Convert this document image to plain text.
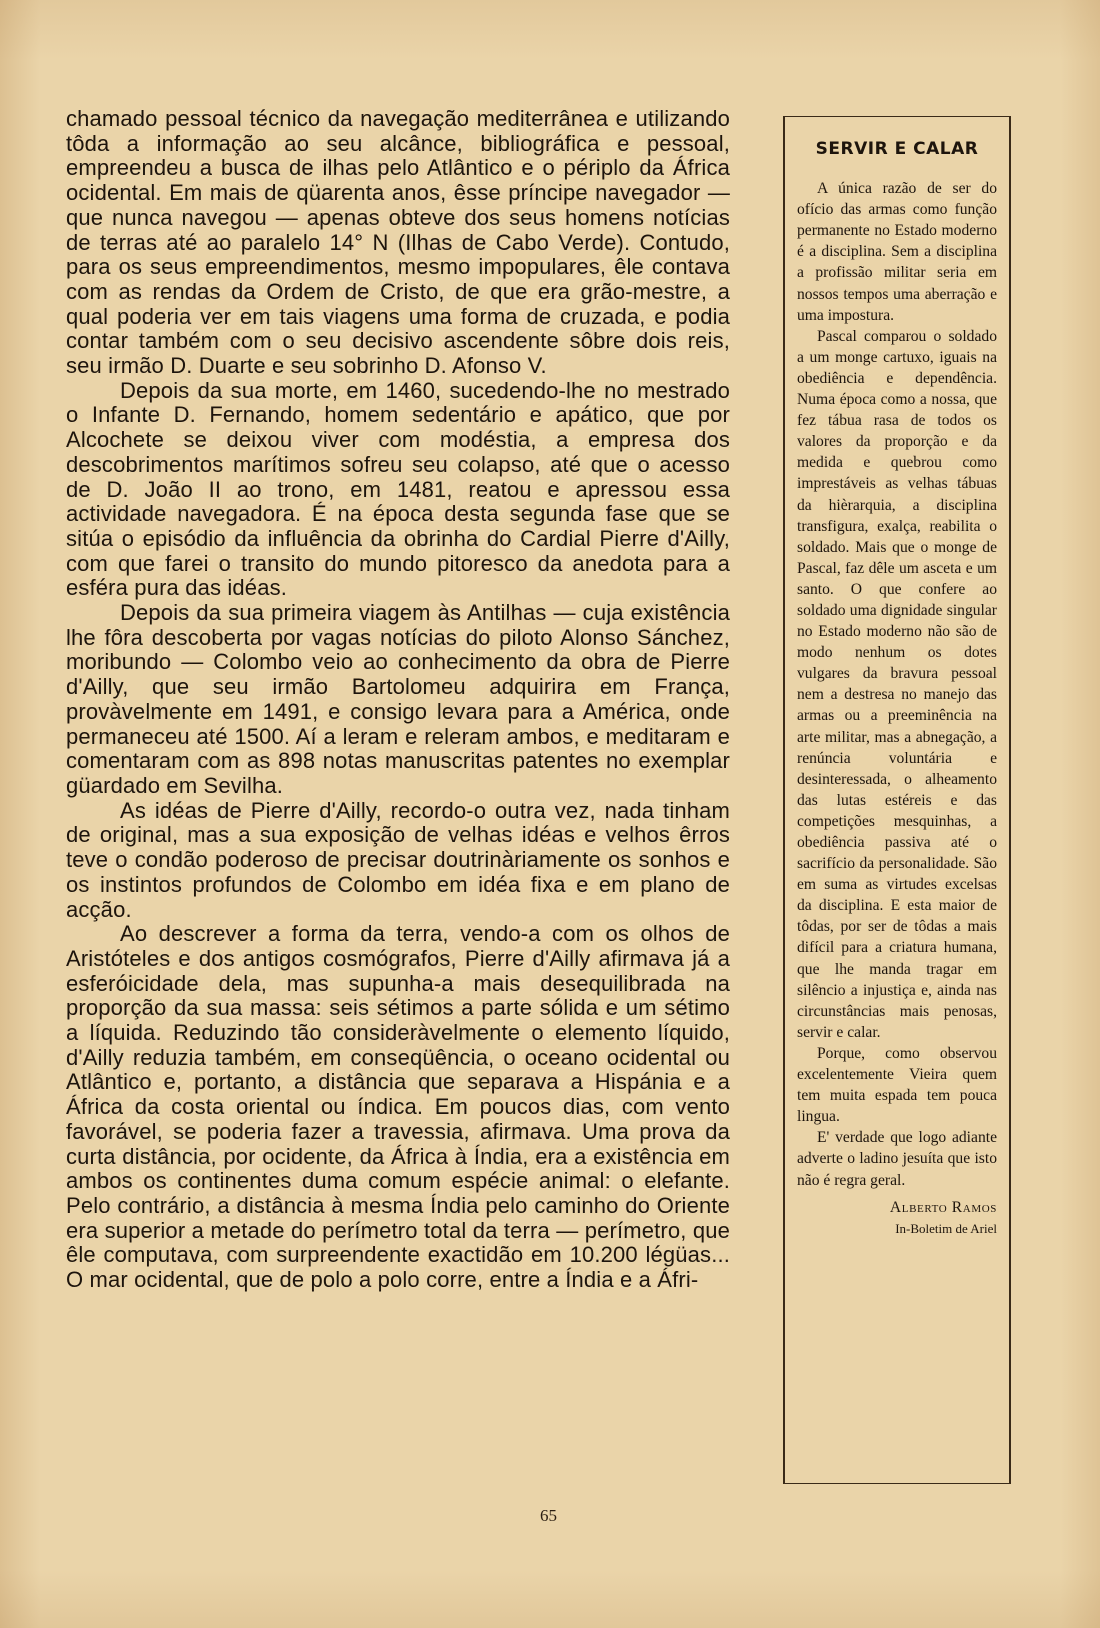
chamado pessoal técnico da navegação mediterrânea e utilizando tôda a informação ao seu alcânce, bibliográfica e pessoal, empreendeu a busca de ilhas pelo Atlântico e o périplo da África ocidental. Em mais de qüarenta anos, êsse príncipe navegador — que nunca navegou — apenas obteve dos seus homens notícias de terras até ao paralelo 14° N (Ilhas de Cabo Verde). Contudo, para os seus empreendimentos, mesmo impopulares, êle contava com as rendas da Ordem de Cristo, de que era grão-mestre, a qual poderia ver em tais viagens uma forma de cruzada, e podia contar também com o seu decisivo ascendente sôbre dois reis, seu irmão D. Duarte e seu sobrinho D. Afonso V.

Depois da sua morte, em 1460, sucedendo-lhe no mestrado o Infante D. Fernando, homem sedentário e apático, que por Alcochete se deixou viver com modéstia, a empresa dos descobrimentos marítimos sofreu seu colapso, até que o acesso de D. João II ao trono, em 1481, reatou e apressou essa actividade navegadora. É na época desta segunda fase que se sitúa o episódio da influência da obrinha do Cardial Pierre d'Ailly, com que farei o transito do mundo pitoresco da anedota para a esféra pura das idéas.

Depois da sua primeira viagem às Antilhas — cuja existência lhe fôra descoberta por vagas notícias do piloto Alonso Sánchez, moribundo — Colombo veio ao conhecimento da obra de Pierre d'Ailly, que seu irmão Bartolomeu adquirira em França, provàvelmente em 1491, e consigo levara para a América, onde permaneceu até 1500. Aí a leram e releram ambos, e meditaram e comentaram com as 898 notas manuscritas patentes no exemplar güardado em Sevilha.

As idéas de Pierre d'Ailly, recordo-o outra vez, nada tinham de original, mas a sua exposição de velhas idéas e velhos êrros teve o condão poderoso de precisar doutrinàriamente os sonhos e os instintos profundos de Colombo em idéa fixa e em plano de acção.

Ao descrever a forma da terra, vendo-a com os olhos de Aristóteles e dos antigos cosmógrafos, Pierre d'Ailly afirmava já a esferóicidade dela, mas supunha-a mais desequilibrada na proporção da sua massa: seis sétimos a parte sólida e um sétimo a líquida. Reduzindo tão consideràvelmente o elemento líquido, d'Ailly reduzia também, em conseqüência, o oceano ocidental ou Atlântico e, portanto, a distância que separava a Hispánia e a África da costa oriental ou índica. Em poucos dias, com vento favorável, se poderia fazer a travessia, afirmava. Uma prova da curta distância, por ocidente, da África à Índia, era a existência em ambos os continentes duma comum espécie animal: o elefante. Pelo contrário, a distância à mesma Índia pelo caminho do Oriente era superior a metade do perímetro total da terra — perímetro, que êle computava, com surpreendente exactidão em 10.200 légüas... O mar ocidental, que de polo a polo corre, entre a Índia e a Áfri-

SERVIR E CALAR

A única razão de ser do ofício das armas como função permanente no Estado moderno é a disciplina. Sem a disciplina a profissão militar seria em nossos tempos uma aberração e uma impostura.

Pascal comparou o soldado a um monge cartuxo, iguais na obediência e dependência. Numa época como a nossa, que fez tábua rasa de todos os valores da proporção e da medida e quebrou como imprestáveis as velhas tábuas da hièrarquia, a disciplina transfigura, exalça, reabilita o soldado. Mais que o monge de Pascal, faz dêle um asceta e um santo. O que confere ao soldado uma dignidade singular no Estado moderno não são de modo nenhum os dotes vulgares da bravura pessoal nem a destresa no manejo das armas ou a preeminência na arte militar, mas a abnegação, a renúncia voluntária e desinteressada, o alheamento das lutas estéreis e das competições mesquinhas, a obediência passiva até o sacrifício da personalidade. São em suma as virtudes excelsas da disciplina. E esta maior de tôdas, por ser de tôdas a mais difícil para a criatura humana, que lhe manda tragar em silêncio a injustiça e, ainda nas circunstâncias mais penosas, servir e calar.

Porque, como observou excelentemente Vieira quem tem muita espada tem pouca lingua.

E' verdade que logo adiante adverte o ladino jesuíta que isto não é regra geral.

Alberto Ramos

In-Boletim de Ariel

65
